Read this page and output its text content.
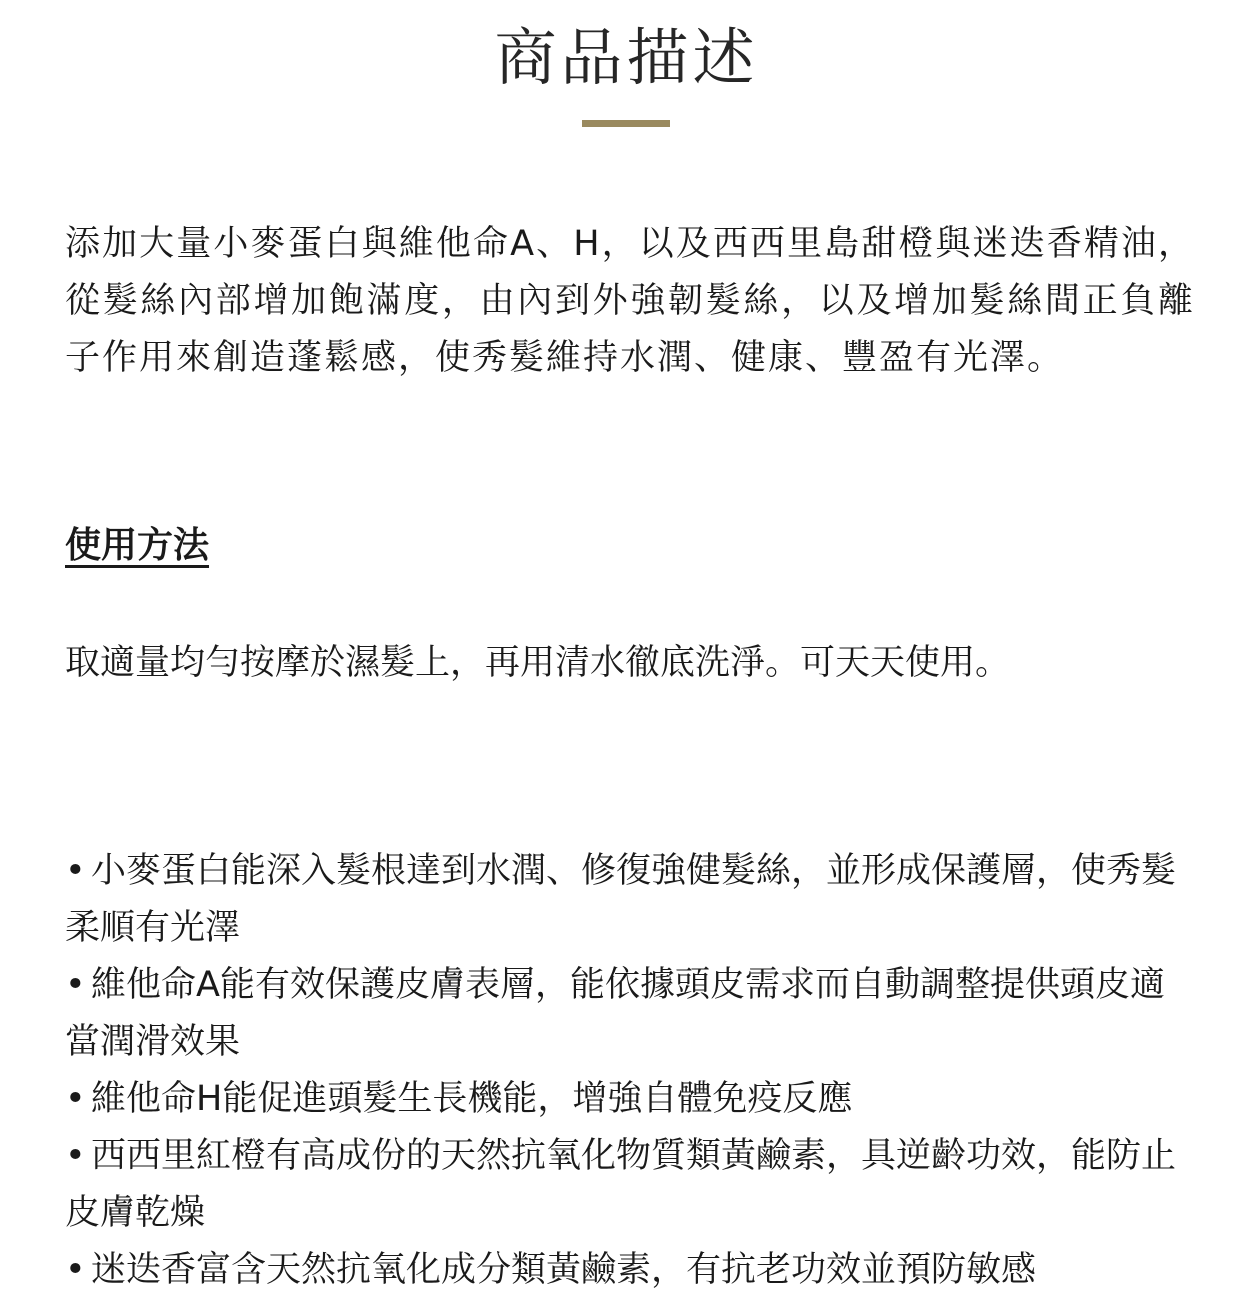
商品描述

添加大量小麥蛋白與維他命A、H，以及西西里島甜橙與迷迭香精油，從髮絲內部增加飽滿度，由內到外強韌髮絲，以及增加髮絲間正負離子作用來創造蓬鬆感，使秀髮維持水潤、健康、豐盈有光澤。

使用方法

取適量均勻按摩於濕髮上，再用清水徹底洗淨。可天天使用。

• 小麥蛋白能深入髮根達到水潤、修復強健髮絲，並形成保護層，使秀髮柔順有光澤
• 維他命A能有效保護皮膚表層，能依據頭皮需求而自動調整提供頭皮適當潤滑效果
• 維他命H能促進頭髮生長機能，增強自體免疫反應
• 西西里紅橙有高成份的天然抗氧化物質類黃鹼素，具逆齡功效，能防止皮膚乾燥
• 迷迭香富含天然抗氧化成分類黃鹼素，有抗老功效並預防敏感
